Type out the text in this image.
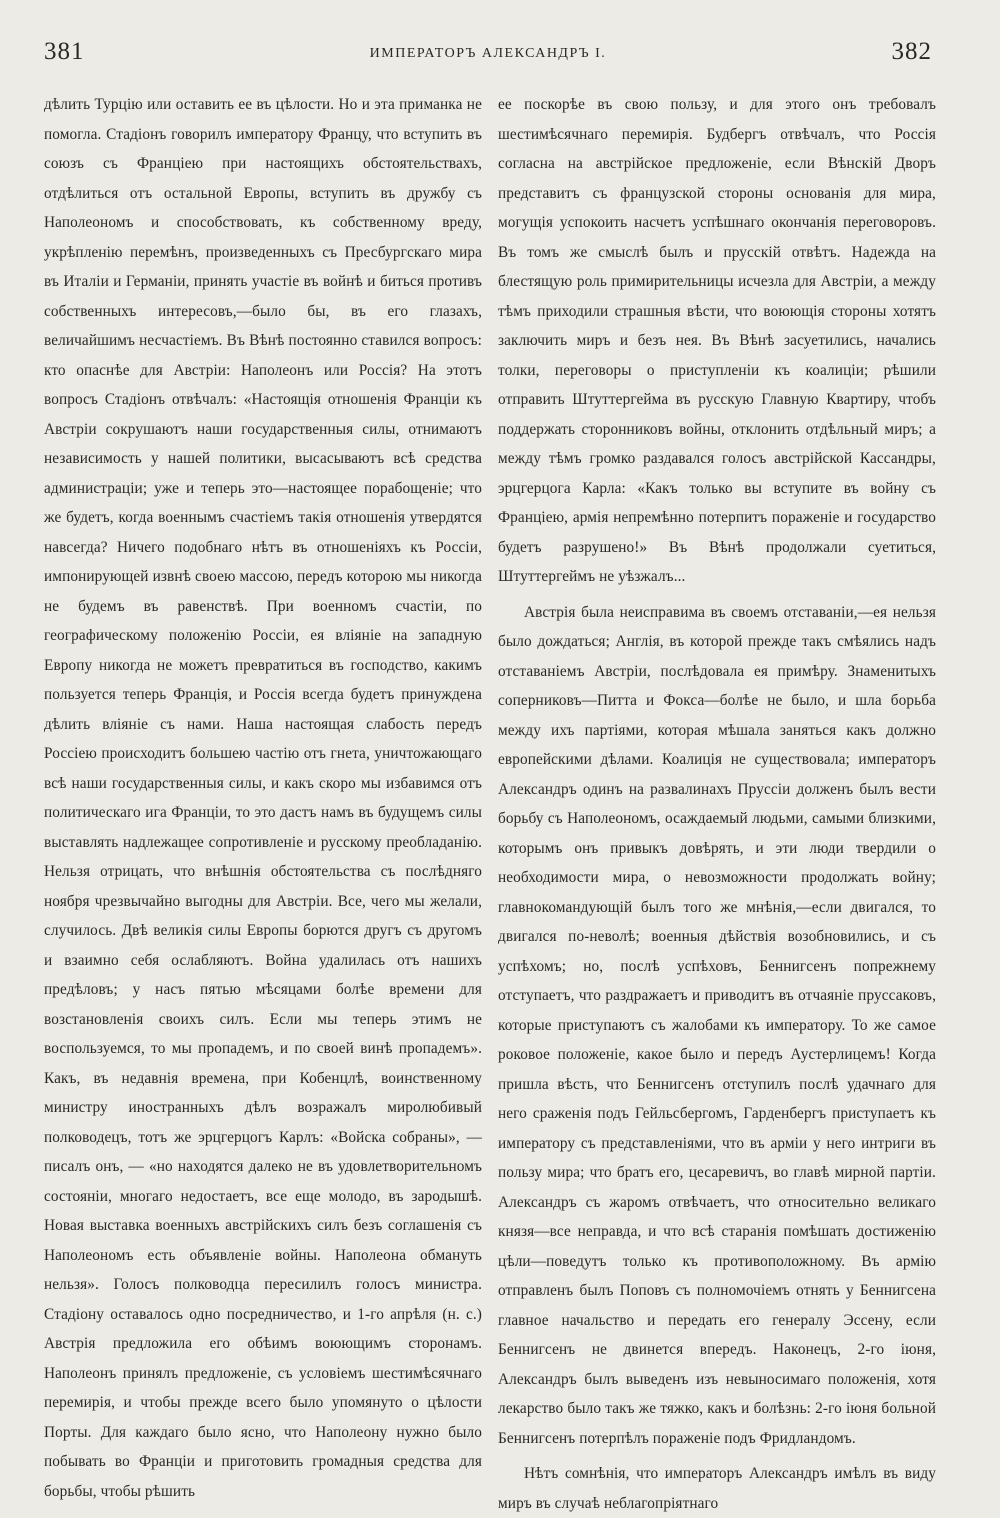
381	ИМПЕРАТОРЪ АЛЕКСАНДРЪ I.	382

дѣлить Турцію или оставить ее въ цѣлости. Но и эта приманка не помогла. Стадіонъ говорилъ императору Францу, что вступить въ союзъ съ Франціею при настоящихъ обстоятельствахъ, отдѣлиться отъ остальной Европы, вступить въ дружбу съ Наполеономъ и способствовать, къ собственному вреду, укрѣпленію перемѣнъ, произведенныхъ съ Пресбургскаго мира въ Италіи и Германіи, принять участіе въ войнѣ и биться противъ собственныхъ интересовъ,—было бы, въ его глазахъ, величайшимъ несчастіемъ. Въ Вѣнѣ постоянно ставился вопросъ: кто опаснѣе для Австріи: Наполеонъ или Россія? На этотъ вопросъ Стадіонъ отвѣчалъ: «Настоящія отношенія Франціи къ Австріи сокрушаютъ наши государственныя силы, отнимаютъ независимость у нашей политики, высасываютъ всѣ средства администраціи; уже и теперь это—настоящее порабощеніе; что же будетъ, когда военнымъ счастіемъ такія отношенія утвердятся навсегда? Ничего подобнаго нѣтъ въ отношеніяхъ къ Россіи, импонирующей извнѣ своею массою, передъ которою мы никогда не будемъ въ равенствѣ. При военномъ счастіи, по географическому положенію Россіи, ея вліяніе на западную Европу никогда не можетъ превратиться въ господство, какимъ пользуется теперь Франція, и Россія всегда будетъ принуждена дѣлить вліяніе съ нами. Наша настоящая слабость передъ Россіею происходитъ большею частію отъ гнета, уничтожающаго всѣ наши государственныя силы, и какъ скоро мы избавимся отъ политическаго ига Франціи, то это дастъ намъ въ будущемъ силы выставлять надлежащее сопротивленіе и русскому преобладанію. Нельзя отрицать, что внѣшнія обстоятельства съ послѣдняго ноября чрезвычайно выгодны для Австріи. Все, чего мы желали, случилось. Двѣ великія силы Европы борются другъ съ другомъ и взаимно себя ослабляютъ. Война удалилась отъ нашихъ предѣловъ; у насъ пятью мѣсяцами болѣе времени для возстановленія своихъ силъ. Если мы теперь этимъ не воспользуемся, то мы пропадемъ, и по своей винѣ пропадемъ». Какъ, въ недавнія времена, при Кобенцлѣ, воинственному министру иностранныхъ дѣлъ возражалъ миролюбивый полководецъ, тотъ же эрцгерцогъ Карлъ: «Войска собраны», — писалъ онъ, — «но находятся далеко не въ удовлетворительномъ состояніи, многаго недостаетъ, все еще молодо, въ зародышѣ. Новая выставка военныхъ австрійскихъ силъ безъ соглашенія съ Наполеономъ есть объявленіе войны. Наполеона обмануть нельзя». Голосъ полководца пересилилъ голосъ министра. Стадіону оставалось одно посредничество, и 1-го апрѣля (н. с.) Австрія предложила его обѣимъ воюющимъ сторонамъ. Наполеонъ принялъ предложеніе, съ условіемъ шестимѣсячнаго перемирія, и чтобы прежде всего было упомянуто о цѣлости Порты. Для каждаго было ясно, что Наполеону нужно было побывать во Франціи и приготовить громадныя средства для борьбы, чтобы рѣшить

ее поскорѣе въ свою пользу, и для этого онъ требовалъ шестимѣсячнаго перемирія. Будбергъ отвѣчалъ, что Россія согласна на австрійское предложеніе, если Вѣнскій Дворъ представитъ съ французской стороны основанія для мира, могущія успокоить насчетъ успѣшнаго окончанія переговоровъ. Въ томъ же смыслѣ былъ и прусскій отвѣтъ. Надежда на блестящую роль примирительницы исчезла для Австріи, а между тѣмъ приходили страшныя вѣсти, что воюющія стороны хотятъ заключить миръ и безъ нея. Въ Вѣнѣ засуетились, начались толки, переговоры о приступленіи къ коалиціи; рѣшили отправить Штуттергейма въ русскую Главную Квартиру, чтобъ поддержать сторонниковъ войны, отклонить отдѣльный миръ; а между тѣмъ громко раздавался голосъ австрійской Кассандры, эрцгерцога Карла: «Какъ только вы вступите въ войну съ Франціею, армія непремѣнно потерпитъ пораженіе и государство будетъ разрушено!» Въ Вѣнѣ продолжали суетиться, Штуттергеймъ не уѣзжалъ...

Австрія была неисправима въ своемъ отставаніи,—ея нельзя было дождаться; Англія, въ которой прежде такъ смѣялись надъ отставаніемъ Австріи, послѣдовала ея примѣру. Знаменитыхъ соперниковъ—Питта и Фокса—болѣе не было, и шла борьба между ихъ партіями, которая мѣшала заняться какъ должно европейскими дѣлами. Коалиція не существовала; императоръ Александръ одинъ на развалинахъ Пруссіи долженъ былъ вести борьбу съ Наполеономъ, осаждаемый людьми, самыми близкими, которымъ онъ привыкъ довѣрять, и эти люди твердили о необходимости мира, о невозможности продолжать войну; главнокомандующій былъ того же мнѣнія,—если двигался, то двигался по-неволѣ; военныя дѣйствія возобновились, и съ успѣхомъ; но, послѣ успѣховъ, Беннигсенъ попрежнему отступаетъ, что раздражаетъ и приводитъ въ отчаяніе пруссаковъ, которые приступаютъ съ жалобами къ императору. То же самое роковое положеніе, какое было и передъ Аустерлицемъ! Когда пришла вѣсть, что Беннигсенъ отступилъ послѣ удачнаго для него сраженія подъ Гейльсбергомъ, Гарденбергъ приступаетъ къ императору съ представленіями, что въ арміи у него интриги въ пользу мира; что братъ его, цесаревичъ, во главѣ мирной партіи. Александръ съ жаромъ отвѣчаетъ, что относительно великаго князя—все неправда, и что всѣ старанія помѣшать достиженію цѣли—поведутъ только къ противоположному. Въ армію отправленъ былъ Поповъ съ полномочіемъ отнять у Беннигсена главное начальство и передать его генералу Эссену, если Беннигсенъ не двинется впередъ. Наконецъ, 2-го іюня, Александръ былъ выведенъ изъ невыносимаго положенія, хотя лекарство было такъ же тяжко, какъ и болѣзнь: 2-го іюня больной Беннигсенъ потерпѣлъ пораженіе подъ Фридландомъ.

Нѣтъ сомнѣнія, что императоръ Александръ имѣлъ въ виду миръ въ случаѣ неблагопріятнаго
